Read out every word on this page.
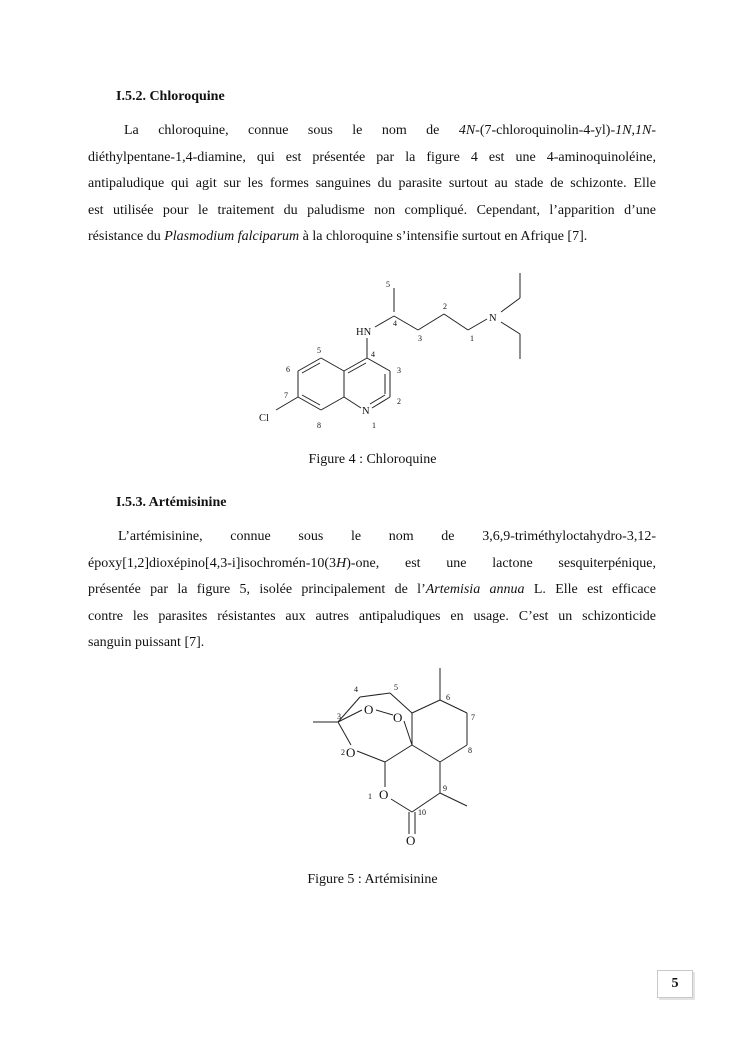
I.5.2. Chloroquine
La chloroquine, connue sous le nom de 4N-(7-chloroquinolin-4-yl)-1N,1N-
diéthylpentane-1,4-diamine, qui est présentée par la figure 4 est une 4-aminoquinoléine,
antipaludique qui agit sur les formes sanguines du parasite surtout au stade de schizonte. Elle
est utilisée pour le traitement du paludisme non compliqué. Cependant, l’apparition d’une
résistance du Plasmodium falciparum à la chloroquine s’intensifie surtout en Afrique [7].
HN
N
N
Cl
5
4
3
2
1
5	4
6	3
7
2
8	1

Figure 4 : Chloroquine

I.5.3. Artémisinine
L’artémisinine, connue sous le nom de 3,6,9-triméthyloctahydro-3,12-
époxy[1,2]dioxépino[4,3-i]isochromén-10(3H)-one, est une lactone sesquiterpénique,
présentée par la figure 5, isolée principalement de l’Artemisia annua L. Elle est efficace
contre les parasites résistantes aux autres antipaludiques en usage. C’est un schizonticide
sanguin puissant [7].
O
O
O
O
O
4	5
6
3	7
2	8
9
1
10

Figure 5 : Artémisinine

5
